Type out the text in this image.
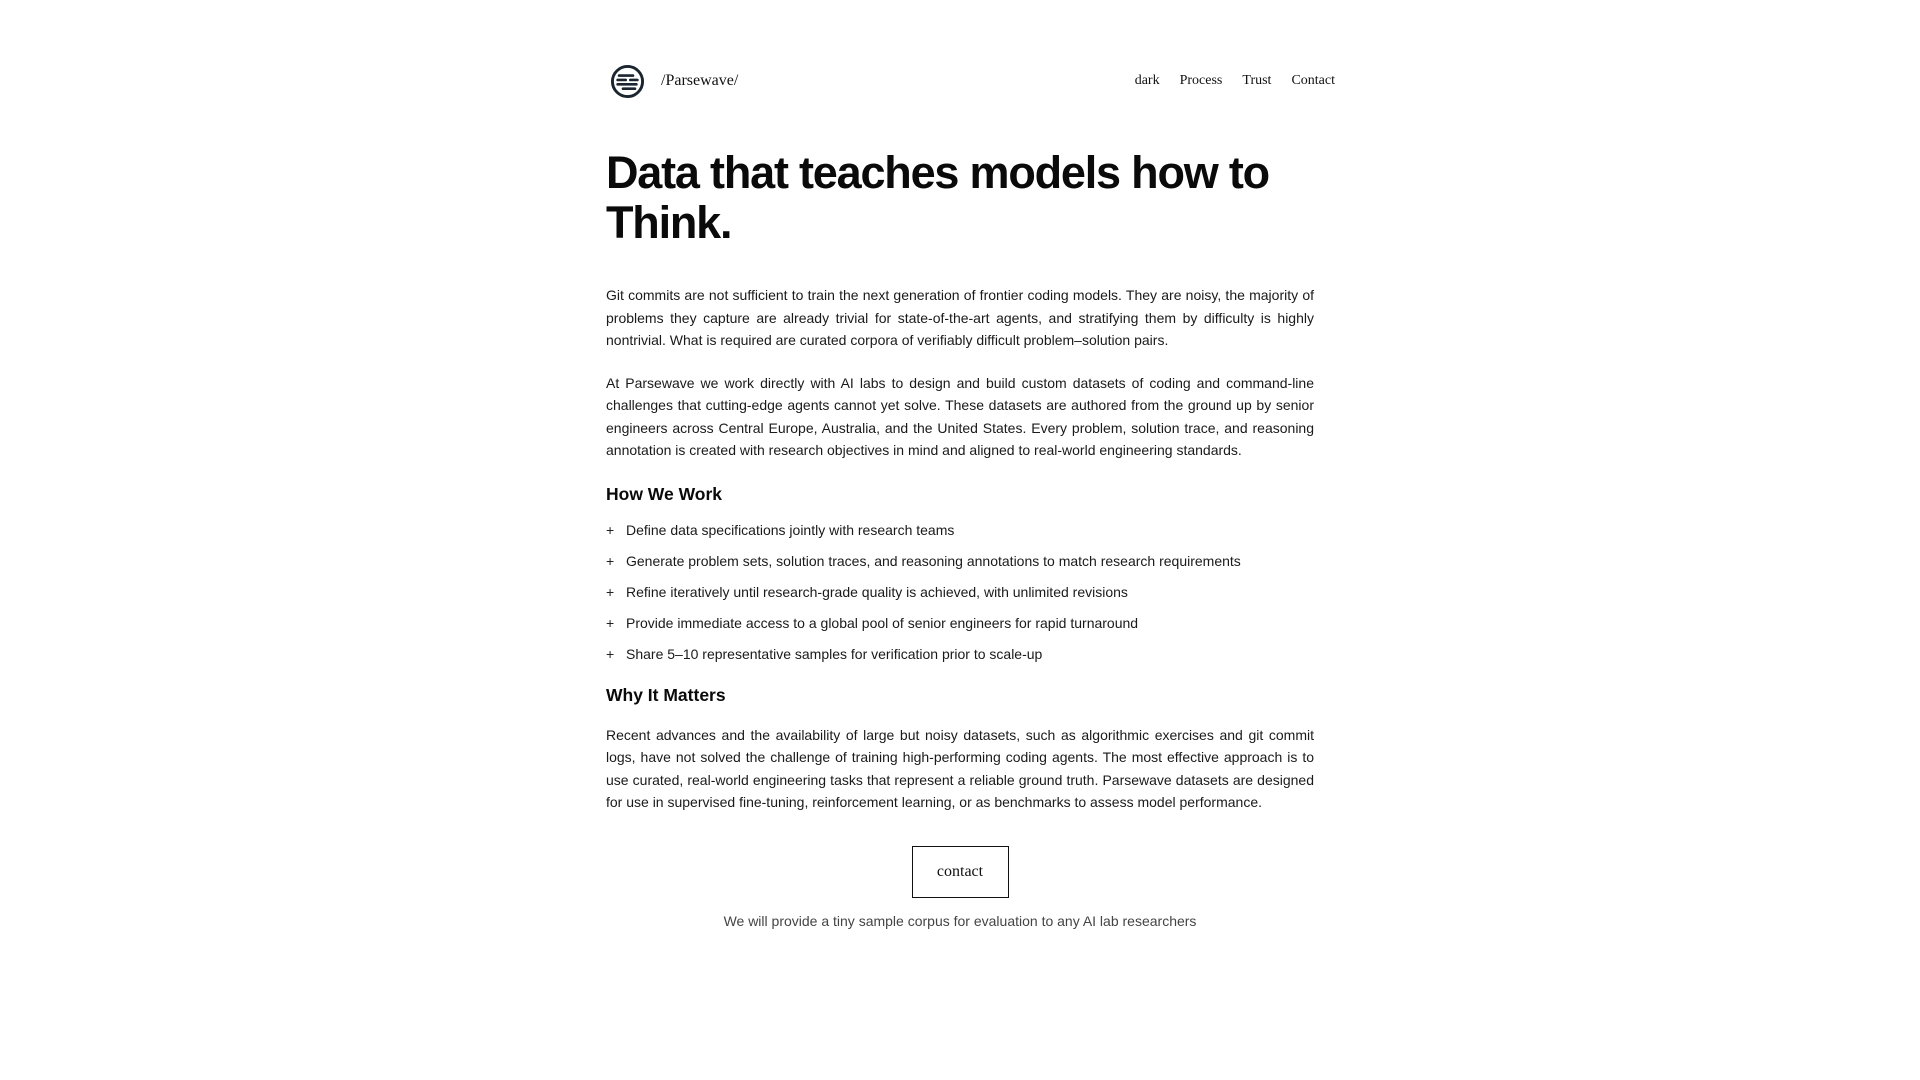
/Parsewave/	dark Process Trust Contact
Data that teaches models how to Think.

Git commits are not sufficient to train the next generation of frontier coding models. They are noisy, the majority of problems they capture are already trivial for state-of-the-art agents, and stratifying them by difficulty is highly nontrivial. What is required are curated corpora of verifiably difficult problem–solution pairs.

At Parsewave we work directly with AI labs to design and build custom datasets of coding and command-line challenges that cutting-edge agents cannot yet solve. These datasets are authored from the ground up by senior engineers across Central Europe, Australia, and the United States. Every problem, solution trace, and reasoning annotation is created with research objectives in mind and aligned to real-world engineering standards.

How We Work
+ Define data specifications jointly with research teams
+ Generate problem sets, solution traces, and reasoning annotations to match research requirements
+ Refine iteratively until research-grade quality is achieved, with unlimited revisions
+ Provide immediate access to a global pool of senior engineers for rapid turnaround
+ Share 5–10 representative samples for verification prior to scale-up
Why It Matters

Recent advances and the availability of large but noisy datasets, such as algorithmic exercises and git commit logs, have not solved the challenge of training high-performing coding agents. The most effective approach is to use curated, real-world engineering tasks that represent a reliable ground truth. Parsewave datasets are designed for use in supervised fine-tuning, reinforcement learning, or as benchmarks to assess model performance.

contact

We will provide a tiny sample corpus for evaluation to any AI lab researchers
